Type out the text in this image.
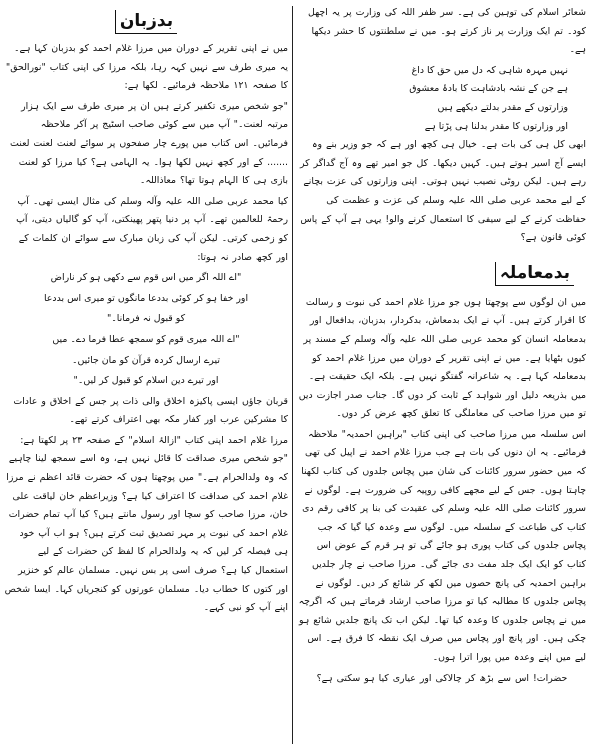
بدزبان

میں نے اپنی تقریر کے دوران میں مرزا غلام احمد کو بدزبان کہا ہے۔ یہ میری طرف سے نہیں کہہ رہا، بلکہ مرزا کی اپنی کتاب "نورالحق" کا صفحہ ۱۲۱ ملاحظہ فرمائیے۔ لکھا ہے:

"جو شخص میری تکفیر کرتے ہیں ان پر میری طرف سے ایک ہزار مرتبہ لعنت۔" آپ میں سے کوئی صاحب اسٹیج پر آکر ملاحظہ فرمائیں۔ اس کتاب میں پورے چار صفحوں پر سوائے لعنت لعنت لعنت ....... کے اور کچھ نہیں لکھا ہوا۔ یہ الہامی ہے؟ کیا مرزا کو لعنت بازی ہی کا الہام ہوتا تھا؟ معاذاللہ۔

کیا محمد عربی صلی اللہ علیہ وآلہ وسلم کی مثال ایسی تھی۔ آپ رحمۃ للعالمین تھے۔ آپ پر دنیا پتھر پھینکتی، آپ کو گالیاں دیتی، آپ کو زخمی کرتی۔ لیکن آپ کی زبان مبارک سے سوائے ان کلمات کے اور کچھ صادر نہ ہوتا:

"اے اللہ اگر میں اس قوم سے دکھی ہو کر ناراض

اور خفا ہو کر کوئی بددعا مانگوں تو میری اس بددعا

کو قبول نہ فرمانا۔"

"اے اللہ میری قوم کو سمجھ عطا فرما دے۔ میں

تیرے ارسال کردہ قرآن کو مان جائیں۔

اور تیرے دین اسلام کو قبول کر لیں۔"

قربان جاؤں ایسی پاکیزہ اخلاق والی ذات پر جس کے اخلاق و عادات کا مشرکین عرب اور کفار مکہ بھی اعتراف کرتے تھے۔

مرزا غلام احمد اپنی کتاب "ازالۂ اسلام" کے صفحہ ۲۳ پر لکھتا ہے: "جو شخص میری صداقت کا قائل نہیں ہے، وہ اسے سمجھ لینا چاہیے کہ وہ ولدالحرام ہے۔" میں پوچھتا ہوں کہ حضرت قائد اعظم نے مرزا غلام احمد کی صداقت کا اعتراف کیا ہے؟ وزیراعظم خان لیاقت علی خان، مرزا صاحب کو سچا اور رسول مانتے ہیں؟ کیا آپ تمام حضرات غلام احمد کی نبوت پر مہر تصدیق ثبت کرتے ہیں؟ ہو اب آپ خود ہی فیصلہ کر لیں کہ یہ ولدالحرام کا لفظ کن حضرات کے لیے استعمال کیا ہے؟ صرف اسی پر بس نہیں۔ مسلمان عالم کو خنزیر اور کتوں کا خطاب دیا۔ مسلمان عورتوں کو کنجریاں کہا۔ ایسا شخص اپنے آپ کو نبی کہے۔

شعائر اسلام کی توہین کی ہے۔ سر ظفر اللہ کی وزارت پر یہ اچھل کود۔ تم ایک وزارت پر ناز کرتے ہو۔ میں نے سلطنتوں کا حشر دیکھا ہے۔

نہیں مہرہ شاہی کہ دل میں حق کا داغ

ہے جن کے نشہ بادشاہت کا بادۂ معشوق

وزارتوں کے مقدر بدلتے دیکھے ہیں

اور وزارتوں کا مقدر بدلنا ہی پڑتا ہے

ابھی کل ہی کی بات ہے۔ خیال ہی کچھ اور ہے کہ جو وزیر بنے وہ ایسے آج اسیر ہوتے ہیں۔ کہیں دیکھا۔ کل جو امیر تھے وہ آج گداگر کر رہے ہیں۔ لیکن روٹی نصیب نہیں ہوتی۔ اپنی وزارتوں کی عزت بچانے کے لیے محمد عربی صلی اللہ علیہ وسلم کی عزت و عظمت کی حفاظت کرنے کے لیے سیفی کا استعمال کرنے والو! یہی ہے آپ کے پاس کوئی قانون ہے؟

بدمعاملہ

میں ان لوگوں سے پوچھتا ہوں جو مرزا غلام احمد کی نبوت و رسالت کا اقرار کرتے ہیں۔ آپ نے ایک بدمعاش، بدکردار، بدزبان، بدافعال اور بدمعاملہ انسان کو محمد عربی صلی اللہ علیہ وآلہ وسلم کے مسند پر کیوں بٹھایا ہے۔ میں نے اپنی تقریر کے دوران میں مرزا غلام احمد کو بدمعاملہ کہا ہے۔ یہ شاعرانہ گفتگو نہیں ہے۔ بلکہ ایک حقیقت ہے۔ میں بذریعہ دلیل اور شواہد کے ثابت کر دوں گا۔ جناب صدر اجازت دیں تو میں مرزا صاحب کی معاملگی کا تعلق کچھ عرض کر دوں۔

اس سلسلہ میں مرزا صاحب کی اپنی کتاب "براہین احمدیہ" ملاحظہ فرمائیے۔ یہ ان دنوں کی بات ہے جب مرزا غلام احمد نے اپیل کی تھی کہ میں حضور سرور کائنات کی شان میں پچاس جلدوں کی کتاب لکھنا چاہتا ہوں۔ جس کے لیے مجھے کافی روپیہ کی ضرورت ہے۔ لوگوں نے سرور کائنات صلی اللہ علیہ وسلم کی عقیدت کی بنا پر کافی رقم دی کتاب کی طباعت کے سلسلہ میں۔ لوگوں سے وعدہ کیا گیا کہ جب پچاس جلدوں کی کتاب پوری ہو جائے گی تو ہر قرم کے عوض اس کتاب کو ایک ایک جلد مفت دی جائے گی۔ مرزا صاحب نے چار جلدیں براہین احمدیہ کی پانچ حصوں میں لکھ کر شائع کر دیں۔ لوگوں نے پچاس جلدوں کا مطالبہ کیا تو مرزا صاحب ارشاد فرماتے ہیں کہ اگرچہ میں نے پچاس جلدوں کا وعدہ کیا تھا۔ لیکن اب تک پانچ جلدیں شائع ہو چکی ہیں۔ اور پانچ اور پچاس میں صرف ایک نقطہ کا فرق ہے۔ اس لیے میں اپنے وعدہ میں پورا اترا ہوں۔

حضرات! اس سے بڑھ کر چالاکی اور عیاری کیا ہو سکتی ہے؟
